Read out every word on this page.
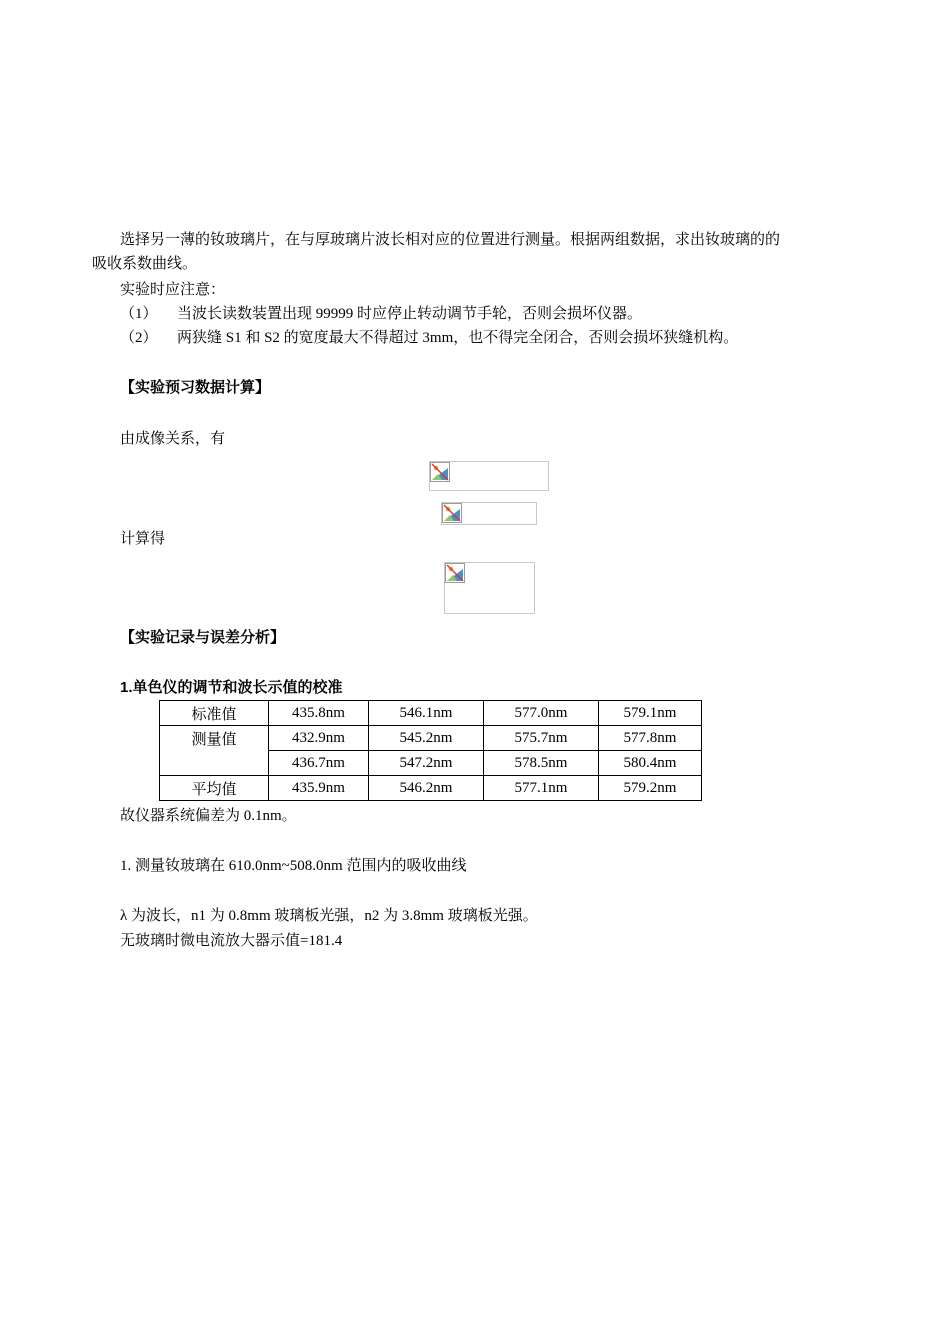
选择另一薄的钕玻璃片，在与厚玻璃片波长相对应的位置进行测量。根据两组数据，求出钕玻璃的的
吸收系数曲线。
实验时应注意：
（1） 当波长读数装置出现 99999 时应停止转动调节手轮，否则会损坏仪器。
（2） 两狭缝 S1 和 S2 的宽度最大不得超过 3mm，也不得完全闭合，否则会损坏狭缝机构。
【实验预习数据计算】
由成像关系，有
计算得
【实验记录与误差分析】
1.单色仪的调节和波长示值的校准
标准值	435.8nm	546.1nm	577.0nm	579.1nm
测量值	432.9nm	545.2nm	575.7nm	577.8nm
	436.7nm	547.2nm	578.5nm	580.4nm
平均值	435.9nm	546.2nm	577.1nm	579.2nm
故仪器系统偏差为 0.1nm。
1. 测量钕玻璃在 610.0nm~508.0nm 范围内的吸收曲线
λ 为波长，n1 为 0.8mm 玻璃板光强，n2 为 3.8mm 玻璃板光强。
无玻璃时微电流放大器示值=181.4
